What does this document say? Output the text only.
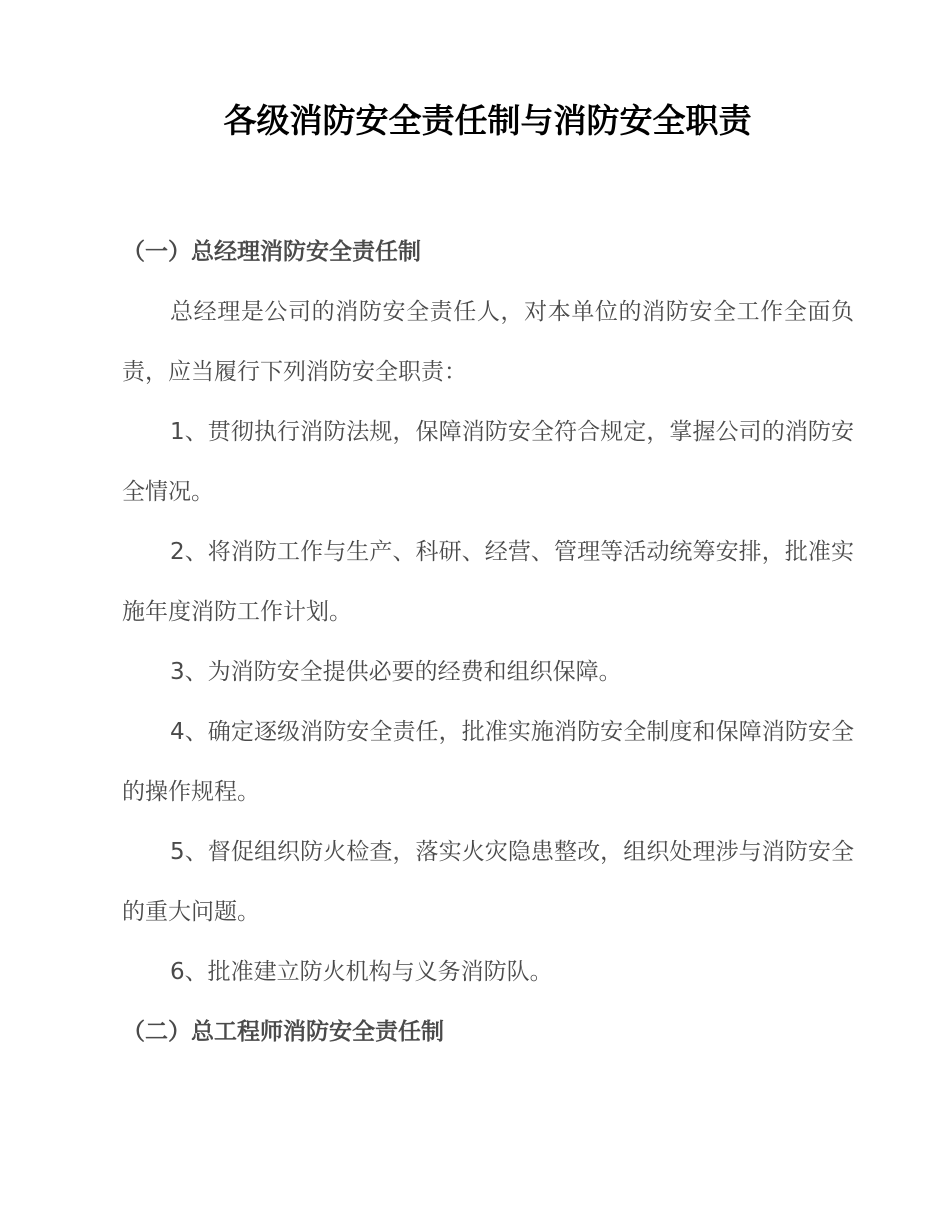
各级消防安全责任制与消防安全职责
（一）总经理消防安全责任制

总经理是公司的消防安全责任人，对本单位的消防安全工作全面负责，应当履行下列消防安全职责：

1、贯彻执行消防法规，保障消防安全符合规定，掌握公司的消防安全情况。

2、将消防工作与生产、科研、经营、管理等活动统筹安排，批准实施年度消防工作计划。

3、为消防安全提供必要的经费和组织保障。

4、确定逐级消防安全责任，批准实施消防安全制度和保障消防安全的操作规程。

5、督促组织防火检查，落实火灾隐患整改，组织处理涉与消防安全的重大问题。

6、批准建立防火机构与义务消防队。

（二）总工程师消防安全责任制
